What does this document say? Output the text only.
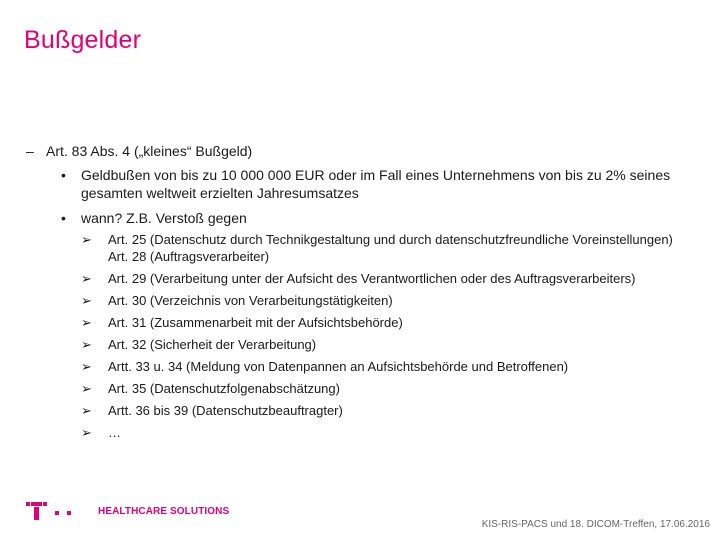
Bußgelder
– Art. 83 Abs. 4 („kleines“ Bußgeld)
• Geldbußen von bis zu 10 000 000 EUR oder im Fall eines Unternehmens von bis zu 2% seines gesamten weltweit erzielten Jahresumsatzes
• wann? Z.B. Verstoß gegen
➢ Art. 25 (Datenschutz durch Technikgestaltung und durch datenschutzfreundliche Voreinstellungen) Art. 28 (Auftragsverarbeiter)
➢ Art. 29 (Verarbeitung unter der Aufsicht des Verantwortlichen oder des Auftragsverarbeiters)
➢ Art. 30 (Verzeichnis von Verarbeitungstätigkeiten)
➢ Art. 31 (Zusammenarbeit mit der Aufsichtsbehörde)
➢ Art. 32 (Sicherheit der Verarbeitung)
➢ Artt. 33 u. 34 (Meldung von Datenpannen an Aufsichtsbehörde und Betroffenen)
➢ Art. 35 (Datenschutzfolgenabschätzung)
➢ Artt. 36 bis 39 (Datenschutzbeauftragter)
➢ …
HEALTHCARE SOLUTIONS
KIS-RIS-PACS und 18. DICOM-Treffen, 17.06.2016
